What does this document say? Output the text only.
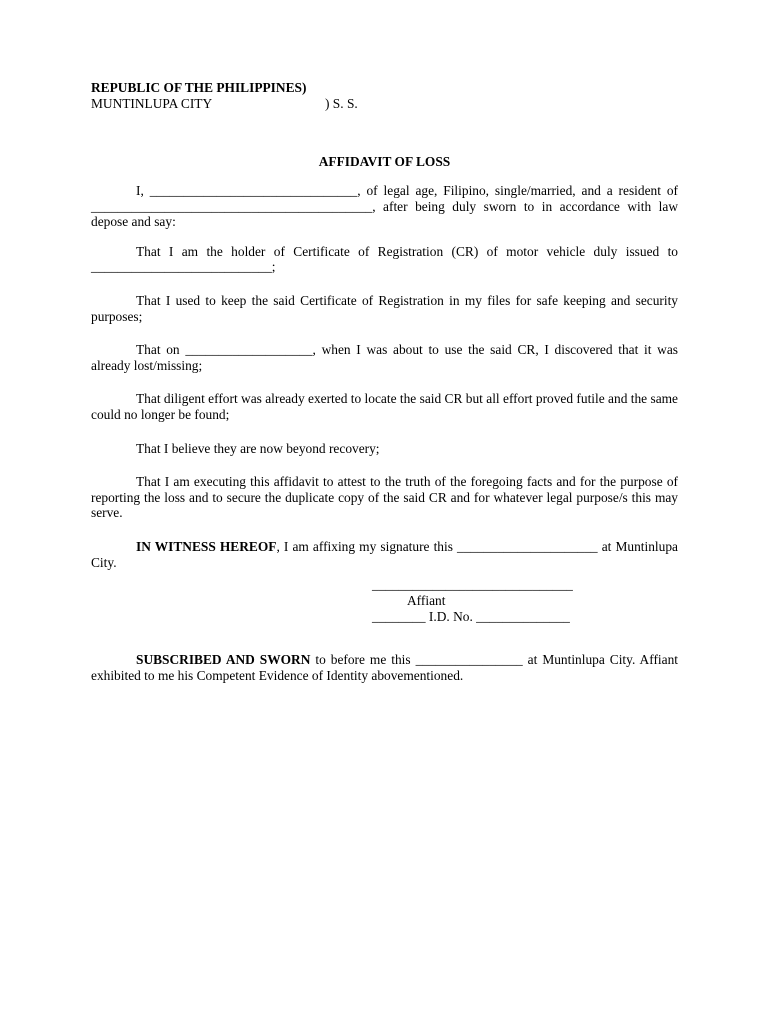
REPUBLIC OF THE PHILIPPINES)
MUNTINLUPA CITY	) S. S.
AFFIDAVIT OF LOSS

I, _______________________________, of legal age, Filipino, single/married, and a resident of __________________________________________, after being duly sworn to in accordance with law depose and say:

That I am the holder of Certificate of Registration (CR) of motor vehicle duly issued to ___________________________;

That I used to keep the said Certificate of Registration in my files for safe keeping and security purposes;

That on ___________________, when I was about to use the said CR, I discovered that it was already lost/missing;

That diligent effort was already exerted to locate the said CR but all effort proved futile and the same could no longer be found;

That I believe they are now beyond recovery;

That I am executing this affidavit to attest to the truth of the foregoing facts and for the purpose of reporting the loss and to secure the duplicate copy of the said CR and for whatever legal purpose/s this may serve.

IN WITNESS HEREOF, I am affixing my signature this _____________________ at Muntinlupa City.

______________________________
Affiant
________ I.D. No. ______________

SUBSCRIBED AND SWORN to before me this ________________ at Muntinlupa City. Affiant exhibited to me his Competent Evidence of Identity abovementioned.
